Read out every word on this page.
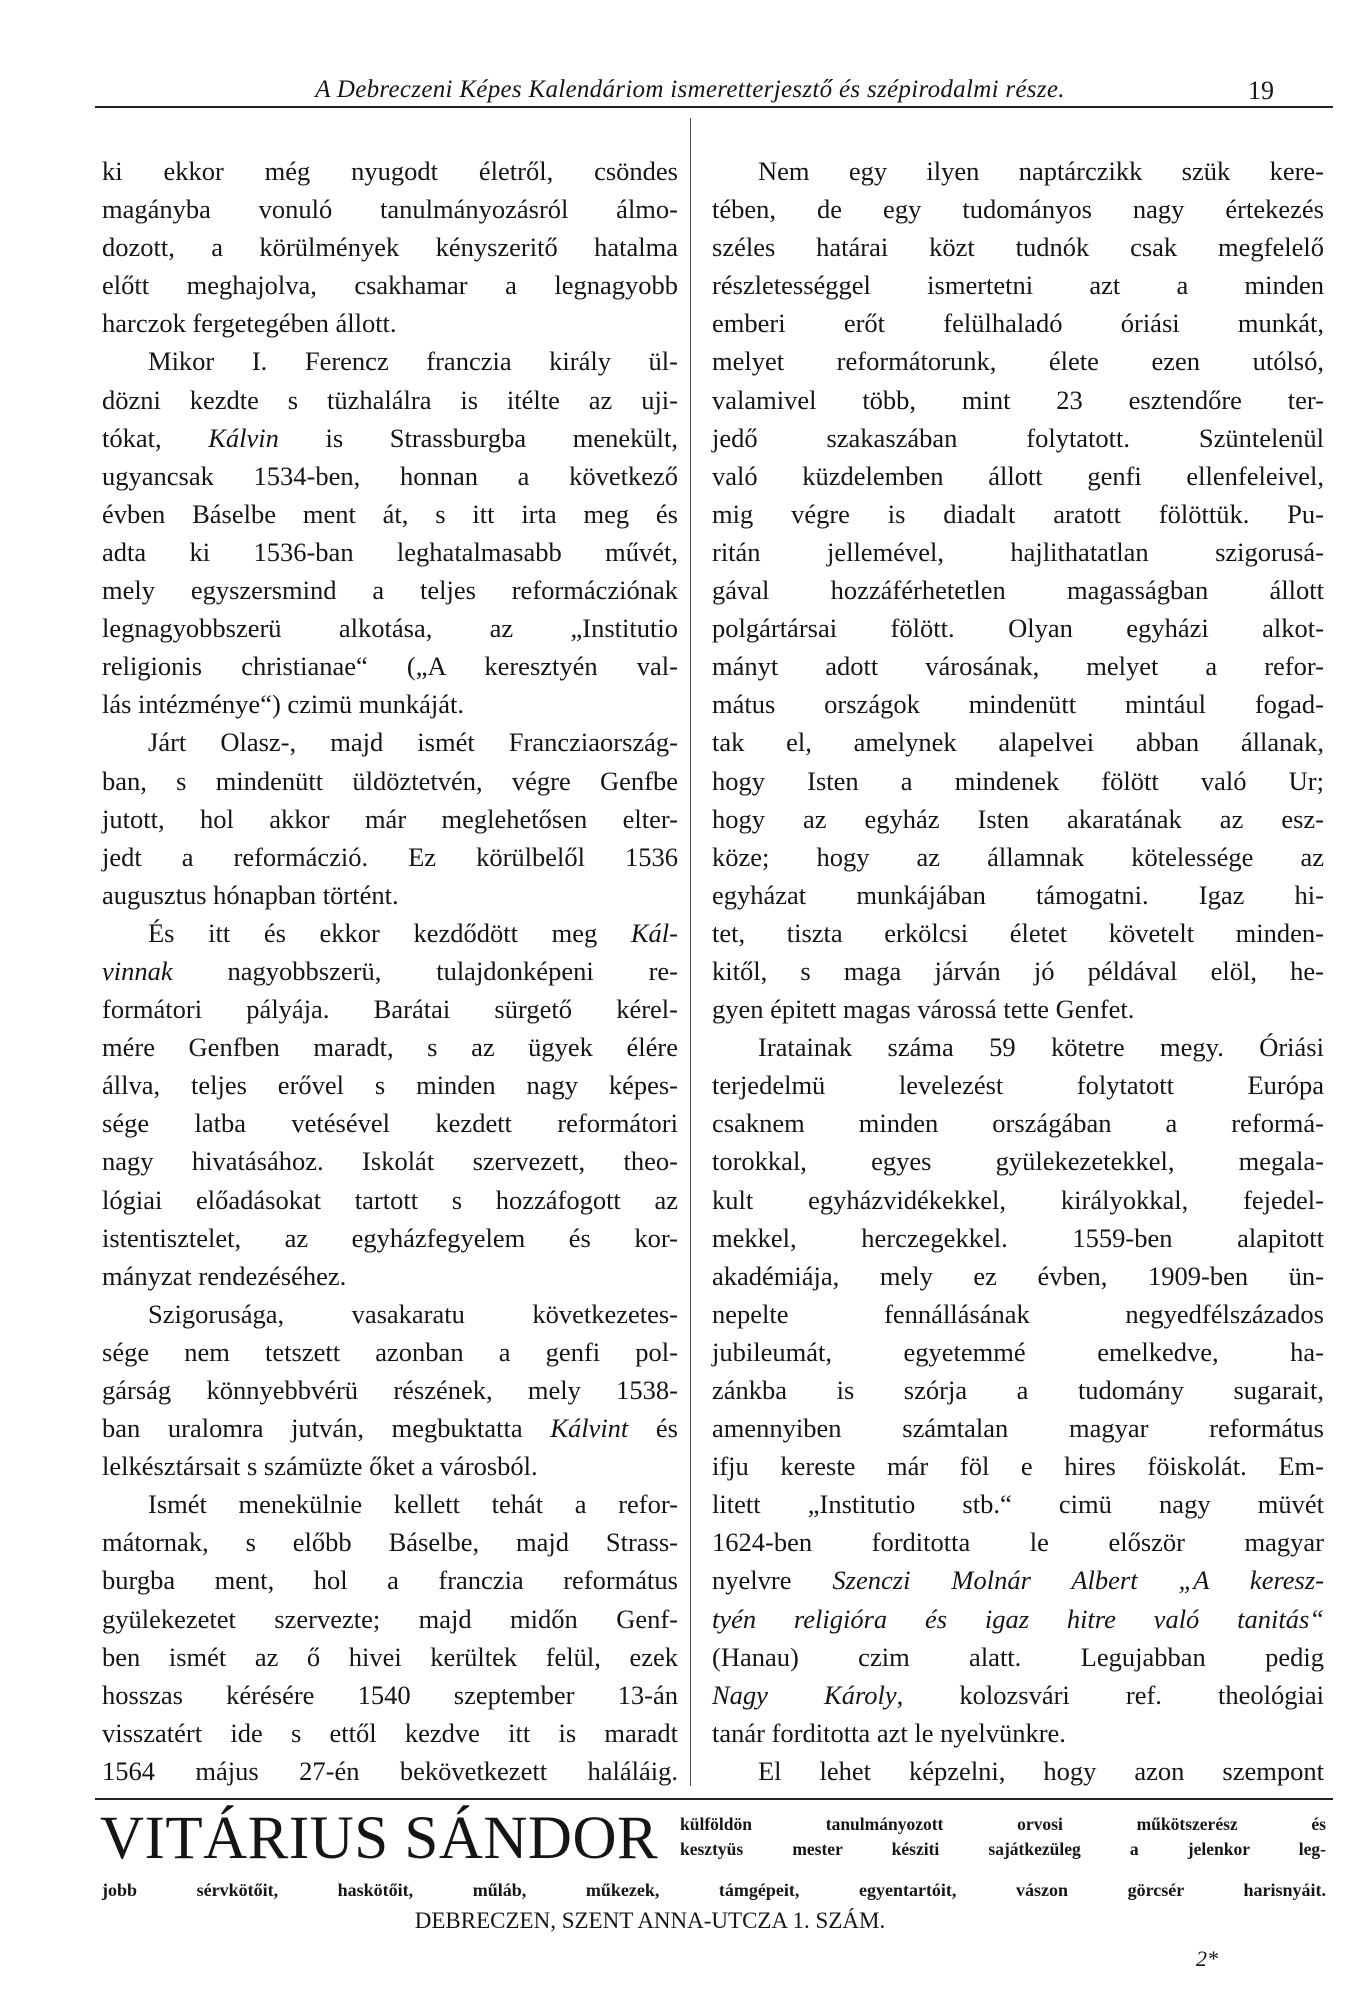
A Debreczeni Képes Kalendáriom ismeretterjesztő és szépirodalmi része.	19
ki ekkor még nyugodt életről, csöndes
magányba vonuló tanulmányozásról álmo-
dozott, a körülmények kényszeritő hatalma
előtt meghajolva, csakhamar a legnagyobb
harczok fergetegében állott.
Mikor I. Ferencz franczia király ül-
dözni kezdte s tüzhalálra is itélte az uji-
tókat, Kálvin is Strassburgba menekült,
ugyancsak 1534-ben, honnan a következő
évben Báselbe ment át, s itt irta meg és
adta ki 1536-ban leghatalmasabb művét,
mely egyszersmind a teljes reformácziónak
legnagyobbszerü alkotása, az „Institutio
religionis christianae“ („A keresztyén val-
lás intézménye“) czimü munkáját.
Járt Olasz-, majd ismét Francziaország-
ban, s mindenütt üldöztetvén, végre Genfbe
jutott, hol akkor már meglehetősen elter-
jedt a reformáczió. Ez körülbelől 1536
augusztus hónapban történt.
És itt és ekkor kezdődött meg Kál-
vinnak nagyobbszerü, tulajdonképeni re-
formátori pályája. Barátai sürgető kérel-
mére Genfben maradt, s az ügyek élére
állva, teljes erővel s minden nagy képes-
sége latba vetésével kezdett reformátori
nagy hivatásához. Iskolát szervezett, theo-
lógiai előadásokat tartott s hozzáfogott az
istentisztelet, az egyházfegyelem és kor-
mányzat rendezéséhez.
Szigorusága, vasakaratu következetes-
sége nem tetszett azonban a genfi pol-
gárság könnyebbvérü részének, mely 1538-
ban uralomra jutván, megbuktatta Kálvint és
lelkésztársait s számüzte őket a városból.
Ismét menekülnie kellett tehát a refor-
mátornak, s előbb Báselbe, majd Strass-
burgba ment, hol a franczia református
gyülekezetet szervezte; majd midőn Genf-
ben ismét az ő hivei kerültek felül, ezek
hosszas kérésére 1540 szeptember 13-án
visszatért ide s ettől kezdve itt is maradt
1564 május 27-én bekövetkezett haláláig.
Nem egy ilyen naptárczikk szük kere-
tében, de egy tudományos nagy értekezés
széles határai közt tudnók csak megfelelő
részletességgel ismertetni azt a minden
emberi erőt felülhaladó óriási munkát,
melyet reformátorunk, élete ezen utólsó,
valamivel több, mint 23 esztendőre ter-
jedő szakaszában folytatott. Szüntelenül
való küzdelemben állott genfi ellenfeleivel,
mig végre is diadalt aratott fölöttük. Pu-
ritán jellemével, hajlithatatlan szigorusá-
gával hozzáférhetetlen magasságban állott
polgártársai fölött. Olyan egyházi alkot-
mányt adott városának, melyet a refor-
mátus országok mindenütt mintául fogad-
tak el, amelynek alapelvei abban állanak,
hogy Isten a mindenek fölött való Ur;
hogy az egyház Isten akaratának az esz-
köze; hogy az államnak kötelessége az
egyházat munkájában támogatni. Igaz hi-
tet, tiszta erkölcsi életet követelt minden-
kitől, s maga járván jó példával elöl, he-
gyen épitett magas várossá tette Genfet.
Iratainak száma 59 kötetre megy. Óriási
terjedelmü levelezést folytatott Európa
csaknem minden országában a reformá-
torokkal, egyes gyülekezetekkel, megala-
kult egyházvidékekkel, királyokkal, fejedel-
mekkel, herczegekkel. 1559-ben alapitott
akadémiája, mely ez évben, 1909-ben ün-
nepelte fennállásának negyedfélszázados
jubileumát, egyetemmé emelkedve, ha-
zánkba is szórja a tudomány sugarait,
amennyiben számtalan magyar református
ifju kereste már föl e hires föiskolát. Em-
litett „Institutio stb.“ cimü nagy müvét
1624-ben forditotta le először magyar
nyelvre Szenczi Molnár Albert „A keresz-
tyén religióra és igaz hitre való tanitás“
(Hanau) czim alatt. Legujabban pedig
Nagy Károly, kolozsvári ref. theológiai
tanár forditotta azt le nyelvünkre.
El lehet képzelni, hogy azon szempont
VITÁRIUS SÁNDOR külföldön tanulmányozott orvosi műkötszerész és
kesztyüs mester késziti sajátkezüleg a jelenkor leg-
jobb sérvkötőit, haskötőit, műláb, műkezek, támgépeit, egyentartóit, vászon görcsér harisnyáit.
DEBRECZEN, SZENT ANNA-UTCZA 1. SZÁM.
2*
